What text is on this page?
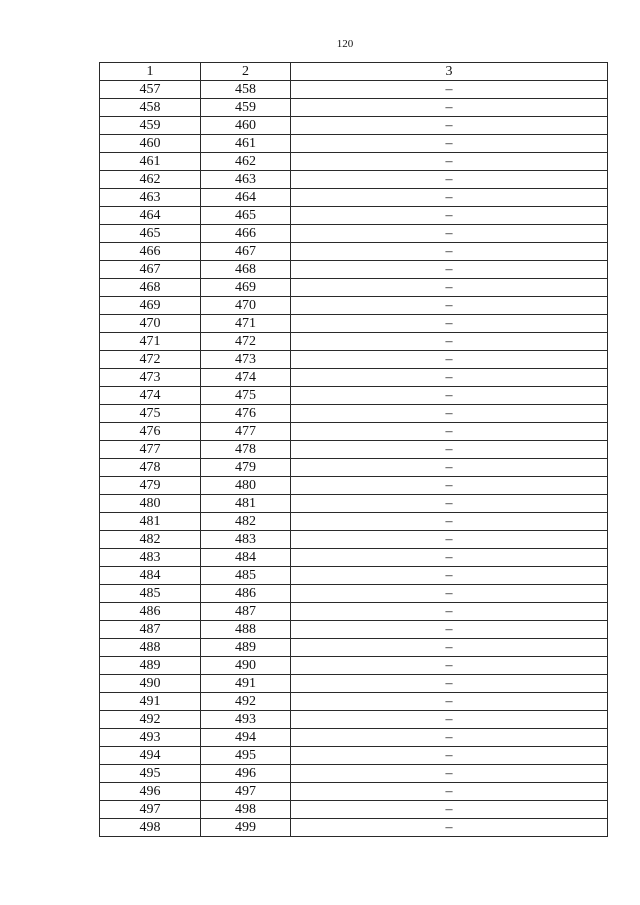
120
1	2	3
457	458	–
458	459	–
459	460	–
460	461	–
461	462	–
462	463	–
463	464	–
464	465	–
465	466	–
466	467	–
467	468	–
468	469	–
469	470	–
470	471	–
471	472	–
472	473	–
473	474	–
474	475	–
475	476	–
476	477	–
477	478	–
478	479	–
479	480	–
480	481	–
481	482	–
482	483	–
483	484	–
484	485	–
485	486	–
486	487	–
487	488	–
488	489	–
489	490	–
490	491	–
491	492	–
492	493	–
493	494	–
494	495	–
495	496	–
496	497	–
497	498	–
498	499	–
